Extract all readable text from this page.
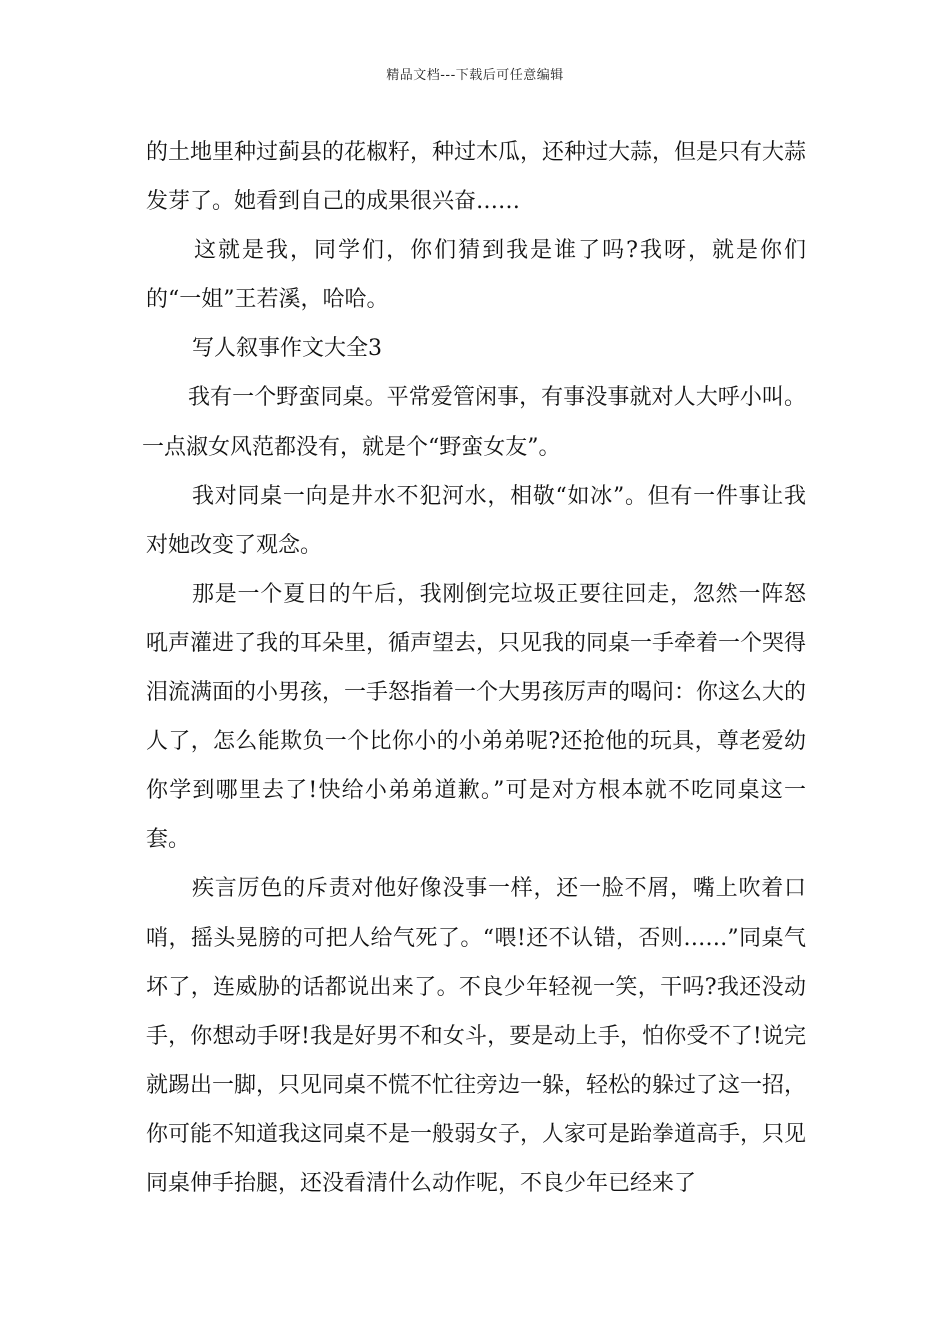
精品文档---下载后可任意编辑

的土地里种过蓟县的花椒籽，种过木瓜，还种过大蒜，但是只有大蒜发芽了。她看到自己的成果很兴奋……

这就是我，同学们，你们猜到我是谁了吗?我呀，就是你们的“一姐”王若溪，哈哈。

写人叙事作文大全3

我有一个野蛮同桌。平常爱管闲事，有事没事就对人大呼小叫。一点淑女风范都没有，就是个“野蛮女友”。

我对同桌一向是井水不犯河水，相敬“如冰”。但有一件事让我对她改变了观念。

那是一个夏日的午后，我刚倒完垃圾正要往回走，忽然一阵怒吼声灌进了我的耳朵里，循声望去，只见我的同桌一手牵着一个哭得泪流满面的小男孩，一手怒指着一个大男孩厉声的喝问：你这么大的人了，怎么能欺负一个比你小的小弟弟呢?还抢他的玩具，尊老爱幼你学到哪里去了!快给小弟弟道歉。”可是对方根本就不吃同桌这一套。

疾言厉色的斥责对他好像没事一样，还一脸不屑，嘴上吹着口哨，摇头晃膀的可把人给气死了。“喂!还不认错，否则……”同桌气坏了，连威胁的话都说出来了。不良少年轻视一笑，干吗?我还没动手，你想动手呀!我是好男不和女斗，要是动上手，怕你受不了!说完就踢出一脚，只见同桌不慌不忙往旁边一躲，轻松的躲过了这一招，你可能不知道我这同桌不是一般弱女子，人家可是跆拳道高手，只见同桌伸手抬腿，还没看清什么动作呢，不良少年已经来了
